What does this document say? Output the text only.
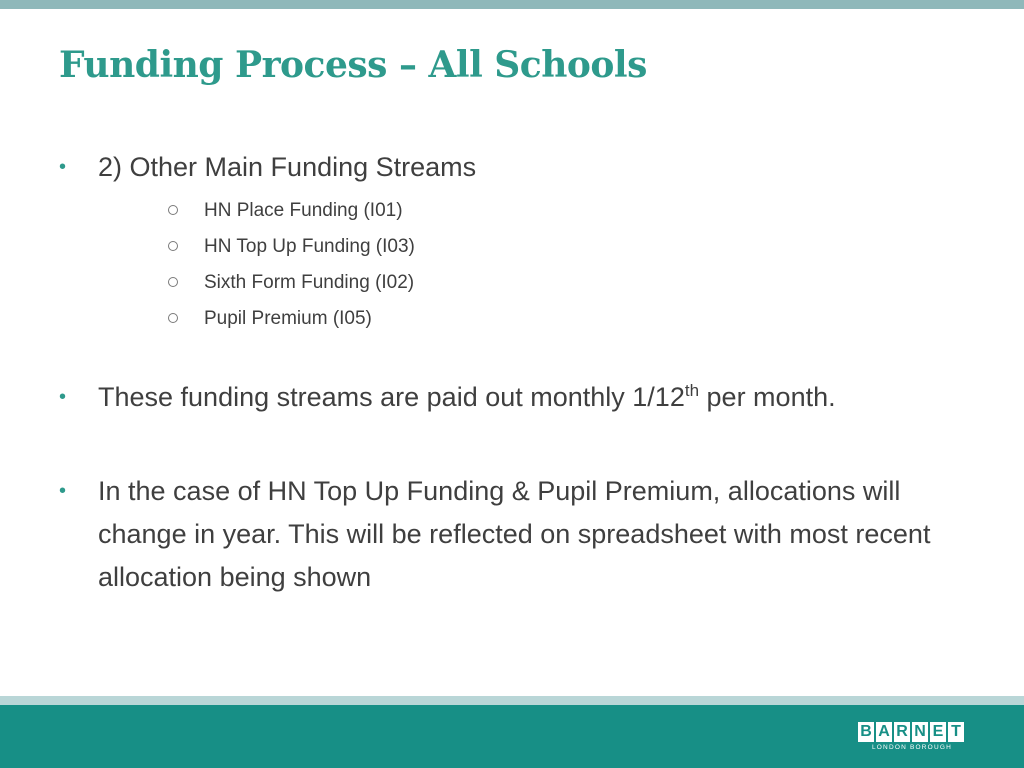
Funding Process – All Schools
• 2) Other Main Funding Streams
HN Place Funding (I01)
HN Top Up Funding (I03)
Sixth Form Funding (I02)
Pupil Premium (I05)
• These funding streams are paid out monthly 1/12th per month.
• In the case of HN Top Up Funding & Pupil Premium, allocations will change in year. This will be reflected on spreadsheet with most recent allocation being shown
B A R N E T
LONDON BOROUGH
